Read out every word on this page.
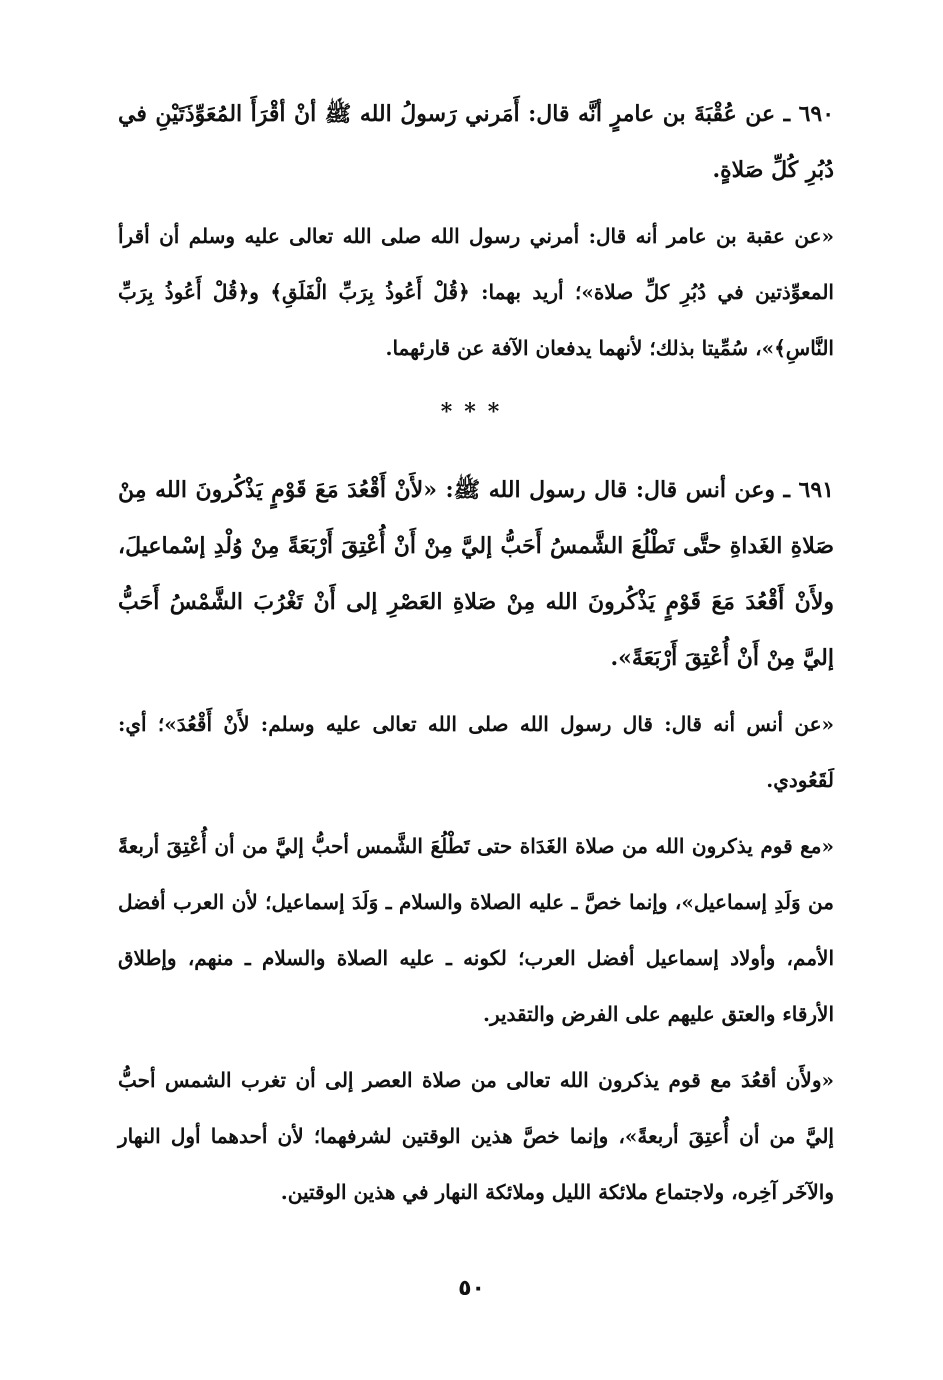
٦٩٠ ـ عن عُقْبَةَ بن عامرٍ أنَّه قال: أَمَرني رَسولُ الله ﷺ أنْ أقْرَأَ المُعَوِّذَتَيْنِ في دُبُرِ كُلِّ صَلاةٍ.

«عن عقبة بن عامر أنه قال: أمرني رسول الله صلى الله تعالى عليه وسلم أن أقرأ المعوِّذتين في دُبُرِ كلِّ صلاة»؛ أريد بهما: ﴿قُلْ أَعُوذُ بِرَبِّ الْفَلَقِ﴾ و﴿قُلْ أَعُوذُ بِرَبِّ النَّاسِ﴾»، سُمِّيتا بذلك؛ لأنهما يدفعان الآفة عن قارئهما.

***

٦٩١ ـ وعن أنس قال: قال رسول الله ﷺ: «لأَنْ أَقْعُدَ مَعَ قَوْمٍ يَذْكُرونَ الله مِنْ صَلاةِ الغَداةِ حتَّى تَطْلُعَ الشَّمسُ أَحَبُّ إليَّ مِنْ أَنْ أُعْتِقَ أَرْبَعَةً مِنْ وُلْدِ إسْماعيلَ، ولأَنْ أَقْعُدَ مَعَ قَوْمٍ يَذْكُرونَ الله مِنْ صَلاةِ العَصْرِ إلى أَنْ تَغْرُبَ الشَّمْسُ أَحَبُّ إليَّ مِنْ أَنْ أُعْتِقَ أَرْبَعَةً».

«عن أنس أنه قال: قال رسول الله صلى الله تعالى عليه وسلم: لأَنْ أَقْعُدَ»؛ أي: لَقَعُودي.

«مع قوم يذكرون الله من صلاة الغَدَاة حتى تَطْلُعَ الشَّمس أحبُّ إليَّ من أن أُعْتِقَ أربعةً من وَلَدِ إسماعيل»، وإنما خصَّ ـ عليه الصلاة والسلام ـ وَلَدَ إسماعيل؛ لأن العرب أفضل الأمم، وأولاد إسماعيل أفضل العرب؛ لكونه ـ عليه الصلاة والسلام ـ منهم، وإطلاق الأرقاء والعتق عليهم على الفرض والتقدير.

«ولأَن أقعُدَ مع قوم يذكرون الله تعالى من صلاة العصر إلى أن تغرب الشمس أحبُّ إليَّ من أن أُعتِقَ أربعةً»، وإنما خصَّ هذين الوقتين لشرفهما؛ لأن أحدهما أول النهار والآخَر آخِره، ولاجتماع ملائكة الليل وملائكة النهار في هذين الوقتين.

٥٠
